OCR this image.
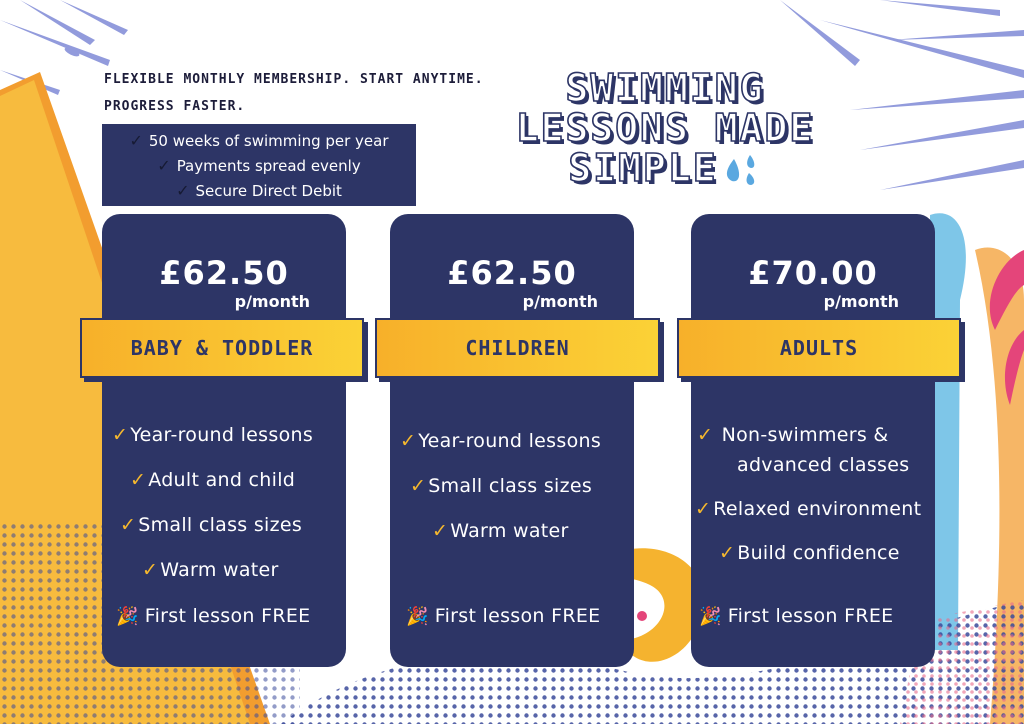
FLEXIBLE MONTHLY MEMBERSHIP. START ANYTIME.
PROGRESS FASTER.
✓ 50 weeks of swimming per year
✓ Payments spread evenly
✓ Secure Direct Debit
SWIMMING
LESSONS MADE
SIMPLE
£62.50
p/month
✓ Year-round lessons
✓ Adult and child
✓ Small class sizes
✓ Warm water
🎉 First lesson FREE
£62.50
p/month
✓ Year-round lessons
✓ Small class sizes
✓ Warm water
🎉 First lesson FREE
£70.00
p/month
✓ Non-swimmers &
advanced classes
✓ Relaxed environment
✓ Build confidence
🎉 First lesson FREE
BABY & TODDLER	CHILDREN	ADULTS
